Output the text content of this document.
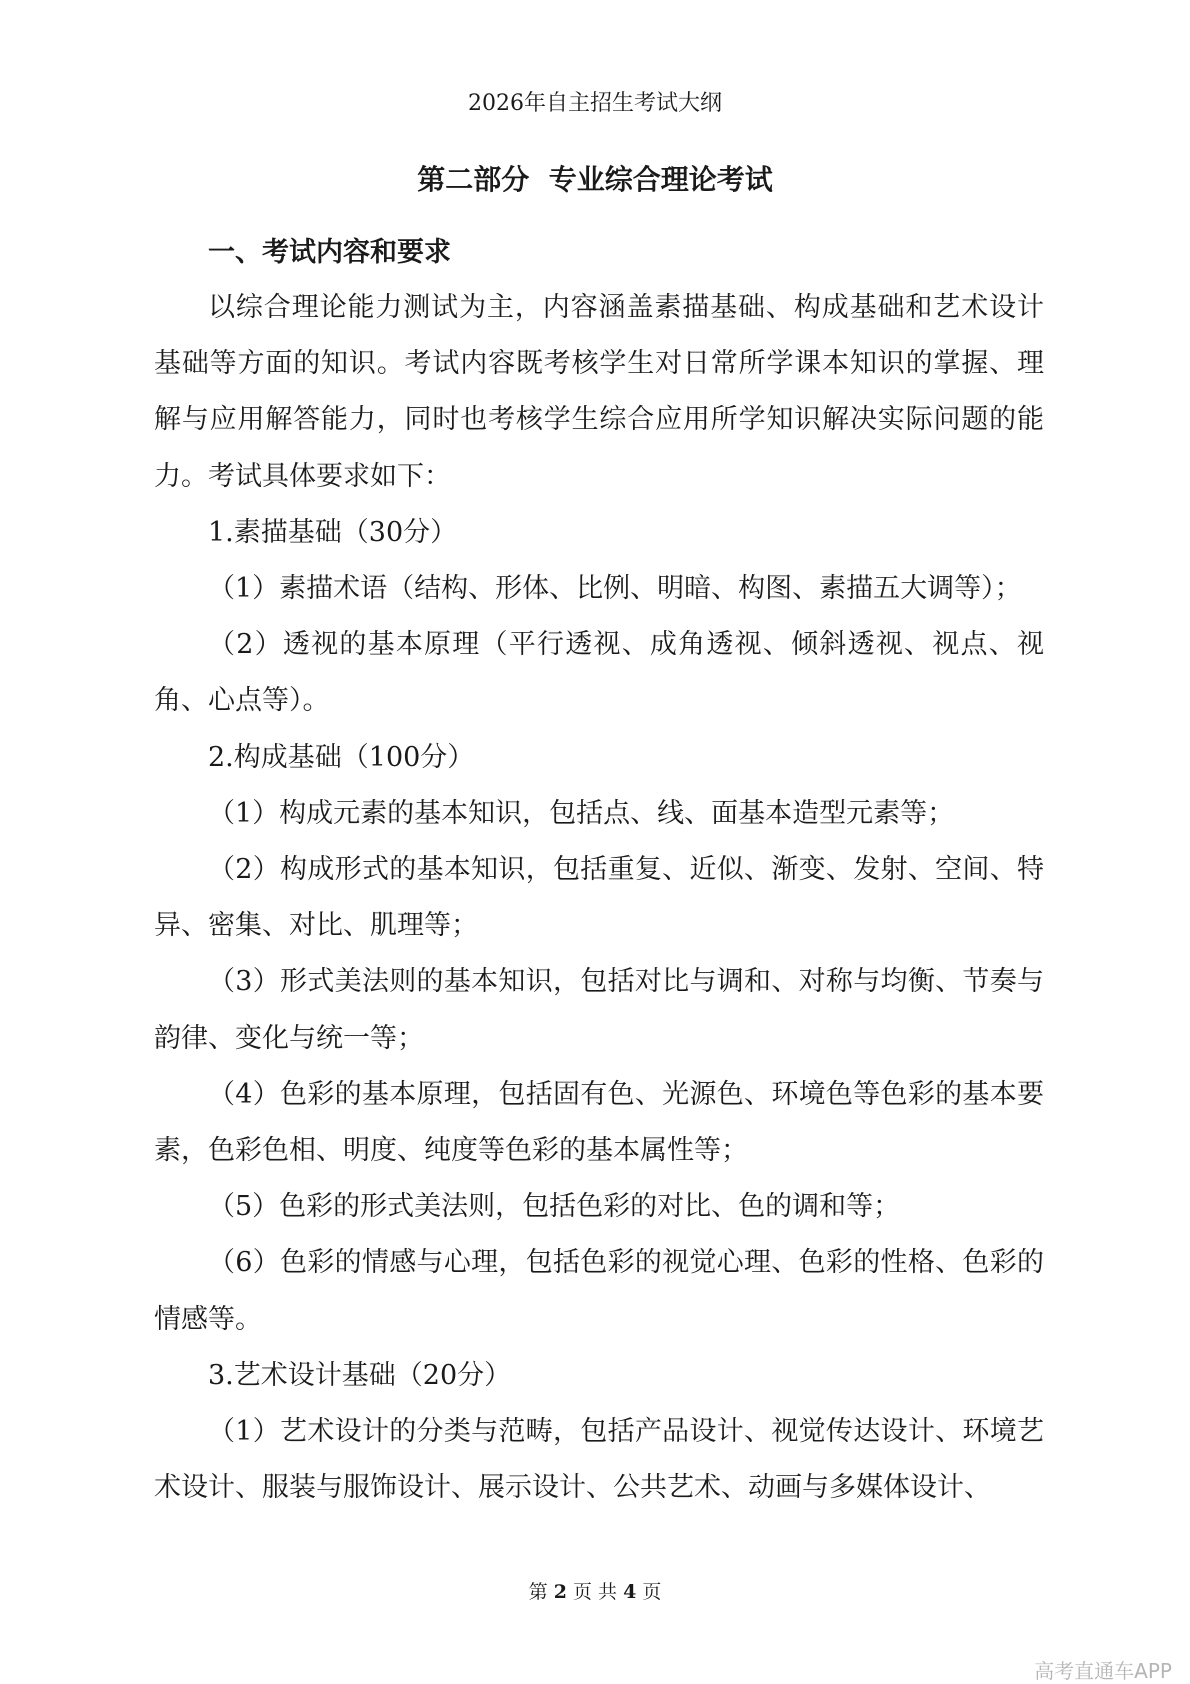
2026年自主招生考试大纲
第二部分  专业综合理论考试
一、考试内容和要求

以综合理论能力测试为主，内容涵盖素描基础、构成基础和艺术设计基础等方面的知识。考试内容既考核学生对日常所学课本知识的掌握、理解与应用解答能力，同时也考核学生综合应用所学知识解决实际问题的能力。考试具体要求如下：

1.素描基础（30分）

（1）素描术语（结构、形体、比例、明暗、构图、素描五大调等）；

（2）透视的基本原理（平行透视、成角透视、倾斜透视、视点、视角、心点等）。

2.构成基础（100分）

（1）构成元素的基本知识，包括点、线、面基本造型元素等；

（2）构成形式的基本知识，包括重复、近似、渐变、发射、空间、特异、密集、对比、肌理等；

（3）形式美法则的基本知识，包括对比与调和、对称与均衡、节奏与韵律、变化与统一等；

（4）色彩的基本原理，包括固有色、光源色、环境色等色彩的基本要素，色彩色相、明度、纯度等色彩的基本属性等；

（5）色彩的形式美法则，包括色彩的对比、色的调和等；

（6）色彩的情感与心理，包括色彩的视觉心理、色彩的性格、色彩的情感等。

3.艺术设计基础（20分）

（1）艺术设计的分类与范畴，包括产品设计、视觉传达设计、环境艺术设计、服装与服饰设计、展示设计、公共艺术、动画与多媒体设计、

第 2 页 共 4 页
高考直通车APP
